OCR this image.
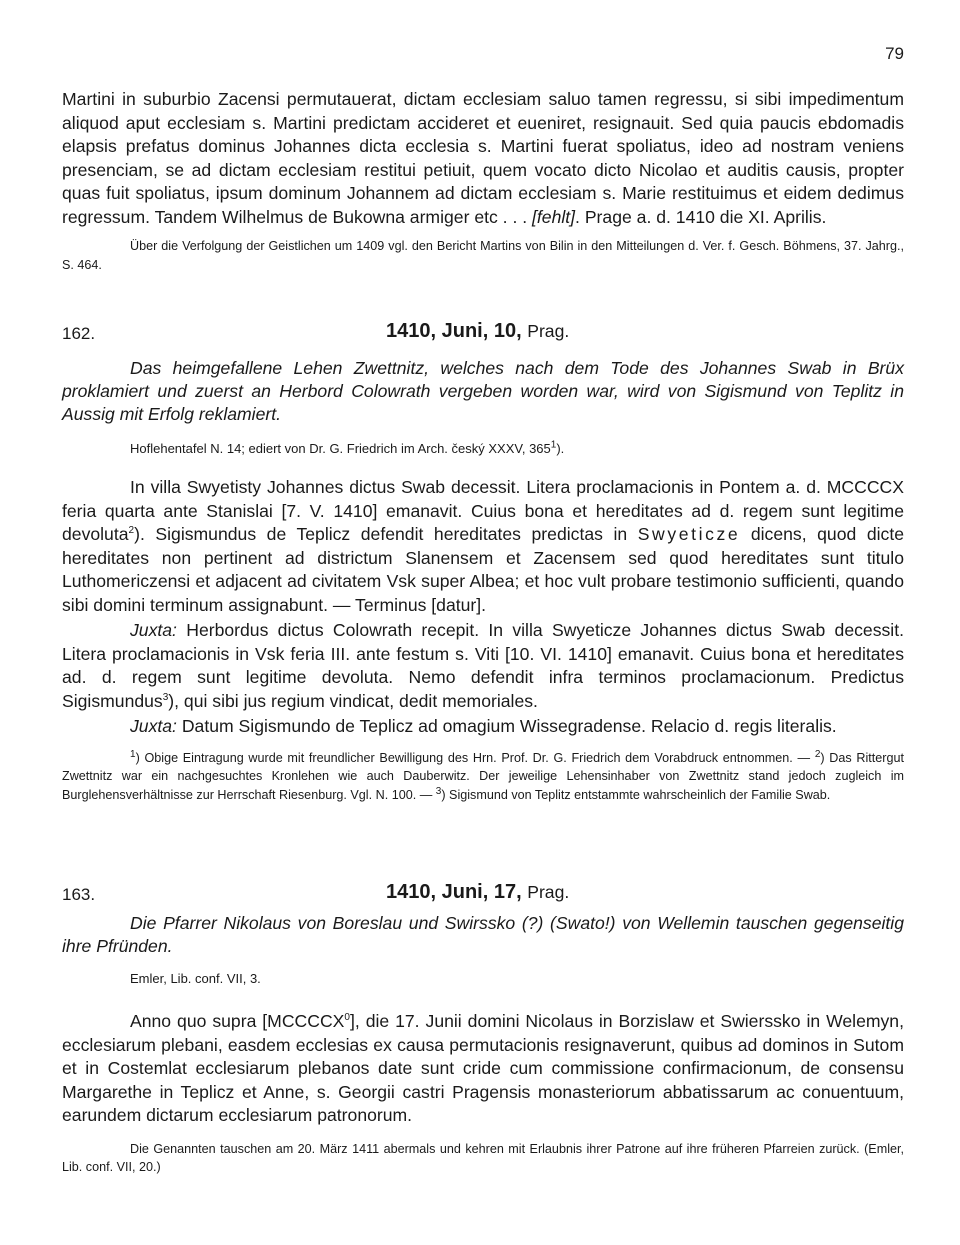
79

Martini in suburbio Zacensi permutauerat, dictam ecclesiam saluo tamen regressu, si sibi impedimentum aliquod aput ecclesiam s. Martini predictam accideret et eueniret, resignauit. Sed quia paucis ebdomadis elapsis prefatus dominus Johannes dicta ecclesia s. Martini fuerat spoliatus, ideo ad nostram veniens presenciam, se ad dictam ecclesiam restitui petiuit, quem vocato dicto Nicolao et auditis causis, propter quas fuit spoliatus, ipsum dominum Johannem ad dictam ecclesiam s. Marie restituimus et eidem dedimus regressum. Tandem Wilhelmus de Bukowna armiger etc . . . [fehlt]. Prage a. d. 1410 die XI. Aprilis.

Über die Verfolgung der Geistlichen um 1409 vgl. den Bericht Martins von Bilin in den Mitteilungen d. Ver. f. Gesch. Böhmens, 37. Jahrg., S. 464.

162.	1410, Juni, 10, Prag.

Das heimgefallene Lehen Zwettnitz, welches nach dem Tode des Johannes Swab in Brüx proklamiert und zuerst an Herbord Colowrath vergeben worden war, wird von Sigismund von Teplitz in Aussig mit Erfolg reklamiert.

Hoflehentafel N. 14; ediert von Dr. G. Friedrich im Arch. český XXXV, $365^1$).

In villa Swyetisty Johannes dictus Swab decessit. Litera proclamacionis in Pontem a. d. MCCCCX feria quarta ante Stanislai [7. V. 1410] emanavit. Cuius bona et hereditates ad d. regem sunt legitime devoluta$^2$). Sigismundus de Teplicz defendit hereditates predictas in Swyeticze dicens, quod dicte hereditates non pertinent ad districtum Slanensem et Zacensem sed quod hereditates sunt titulo Luthomericzensi et adjacent ad civitatem Vsk super Albea; et hoc vult probare testimonio sufficienti, quando sibi domini terminum assignabunt. — Terminus [datur].

Juxta: Herbordus dictus Colowrath recepit. In villa Swyeticze Johannes dictus Swab decessit. Litera proclamacionis in Vsk feria III. ante festum s. Viti [10. VI. 1410] emanavit. Cuius bona et hereditates ad. d. regem sunt legitime devoluta. Nemo defendit infra terminos proclamacionum. Predictus Sigismundus$^3$), qui sibi jus regium vindicat, dedit memoriales.

Juxta: Datum Sigismundo de Teplicz ad omagium Wissegradense. Relacio d. regis literalis.

$^1$) Obige Eintragung wurde mit freundlicher Bewilligung des Hrn. Prof. Dr. G. Friedrich dem Vorabdruck entnommen. — $^2$) Das Rittergut Zwettnitz war ein nachgesuchtes Kronlehen wie auch Dauberwitz. Der jeweilige Lehensinhaber von Zwettnitz stand jedoch zugleich im Burglehensverhältnisse zur Herrschaft Riesenburg. Vgl. N. 100. — $^3$) Sigismund von Teplitz entstammte wahrscheinlich der Familie Swab.

163.	1410, Juni, 17, Prag.

Die Pfarrer Nikolaus von Boreslau und Swirssko (?) (Swato!) von Wellemin tauschen gegenseitig ihre Pfründen.

Emler, Lib. conf. VII, 3.

Anno quo supra [MCCCCX$^0$], die 17. Junii domini Nicolaus in Borzislaw et Swierssko in Welemyn, ecclesiarum plebani, easdem ecclesias ex causa permutacionis resignaverunt, quibus ad dominos in Sutom et in Costemlat ecclesiarum plebanos date sunt cride cum commissione confirmacionum, de consensu Margarethe in Teplicz et Anne, s. Georgii castri Pragensis monasteriorum abbatissarum ac conuentuum, earundem dictarum ecclesiarum patronorum.

Die Genannten tauschen am 20. März 1411 abermals und kehren mit Erlaubnis ihrer Patrone auf ihre früheren Pfarreien zurück. (Emler, Lib. conf. VII, 20.)
